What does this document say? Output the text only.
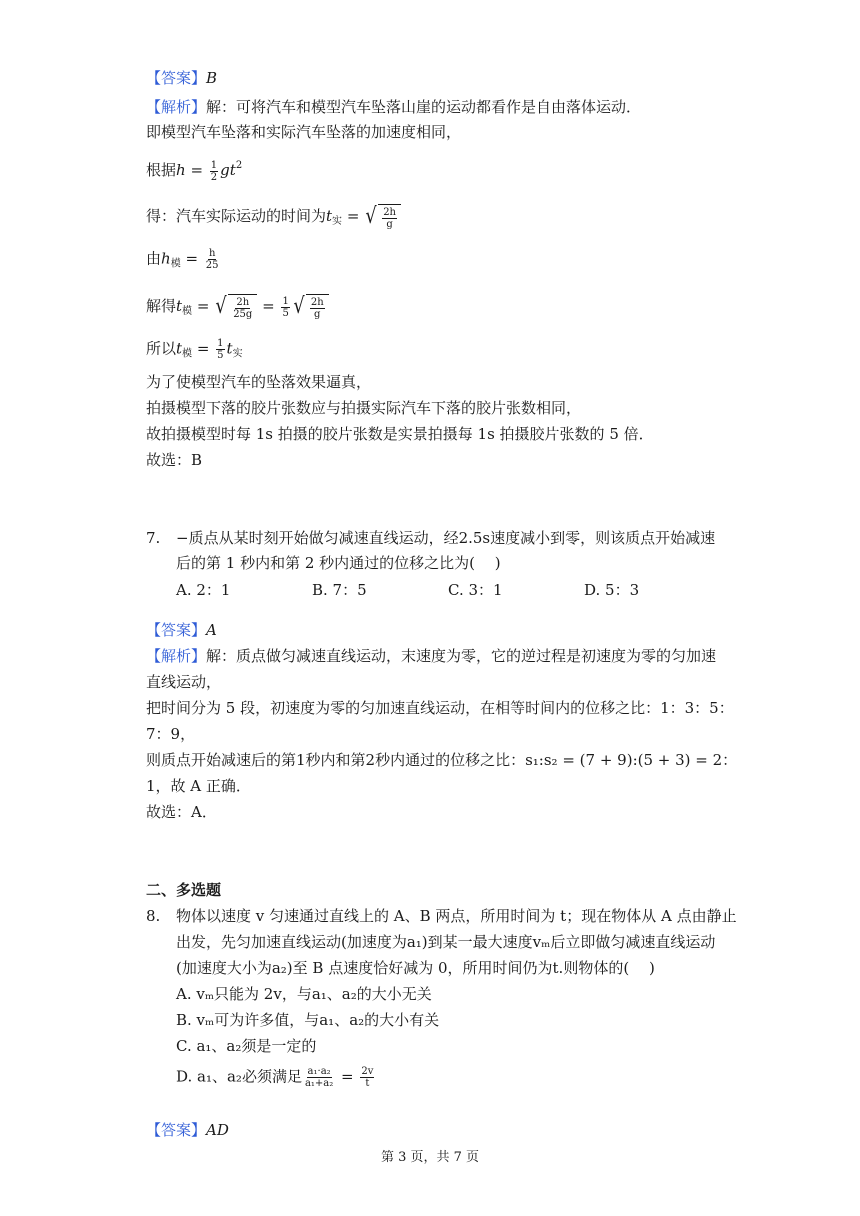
【答案】B
【解析】解：可将汽车和模型汽车坠落山崖的运动都看作是自由落体运动．
即模型汽车坠落和实际汽车坠落的加速度相同，
根据$h = \frac{1}{2} gt^2$
得：汽车实际运动的时间为$t_实$ = √ $\frac{2h}{g}$
由$h_模 = \frac{h}{25}$
解得$t_模$ = √ $\frac{2h}{25g} = \frac{1}{5}$ √ $\frac{2h}{g}$
所以$t_模 = \frac{1}{5} t_实$
为了使模型汽车的坠落效果逼真，
拍摄模型下落的胶片张数应与拍摄实际汽车下落的胶片张数相同，
故拍摄模型时每 1s 拍摄的胶片张数是实景拍摄每 1s 拍摄胶片张数的 5 倍．
故选：B
7. −质点从某时刻开始做匀减速直线运动，经2.5s速度减小到零，则该质点开始减速
后的第 1 秒内和第 2 秒内通过的位移之比为(　 )
A. 2：1	B. 7：5	C. 3：1	D. 5：3
【答案】A
【解析】解：质点做匀减速直线运动，末速度为零，它的逆过程是初速度为零的匀加速
直线运动，
把时间分为 5 段，初速度为零的匀加速直线运动，在相等时间内的位移之比：1：3：5：
7：9，
则质点开始减速后的第1秒内和第2秒内通过的位移之比：s₁:s₂ = (7 + 9):(5 + 3) = 2：
1，故 A 正确．
故选：A．
二、多选题
8. 物体以速度 v 匀速通过直线上的 A、B 两点，所用时间为 t；现在物体从 A 点由静止
出发，先匀加速直线运动(加速度为a₁)到某一最大速度vₘ后立即做匀减速直线运动
(加速度大小为a₂)至 B 点速度恰好减为 0，所用时间仍为t.则物体的(　 )
A. vₘ只能为 2v，与a₁、a₂的大小无关
B. vₘ可为许多值，与a₁、a₂的大小有关
C. a₁、a₂须是一定的
D. a₁、a₂必须满足 $\frac{\text{a₁·a₂}}{\text{a₁+a₂}} = \frac{2v}{t}$
【答案】AD
第 3 页，共 7 页
